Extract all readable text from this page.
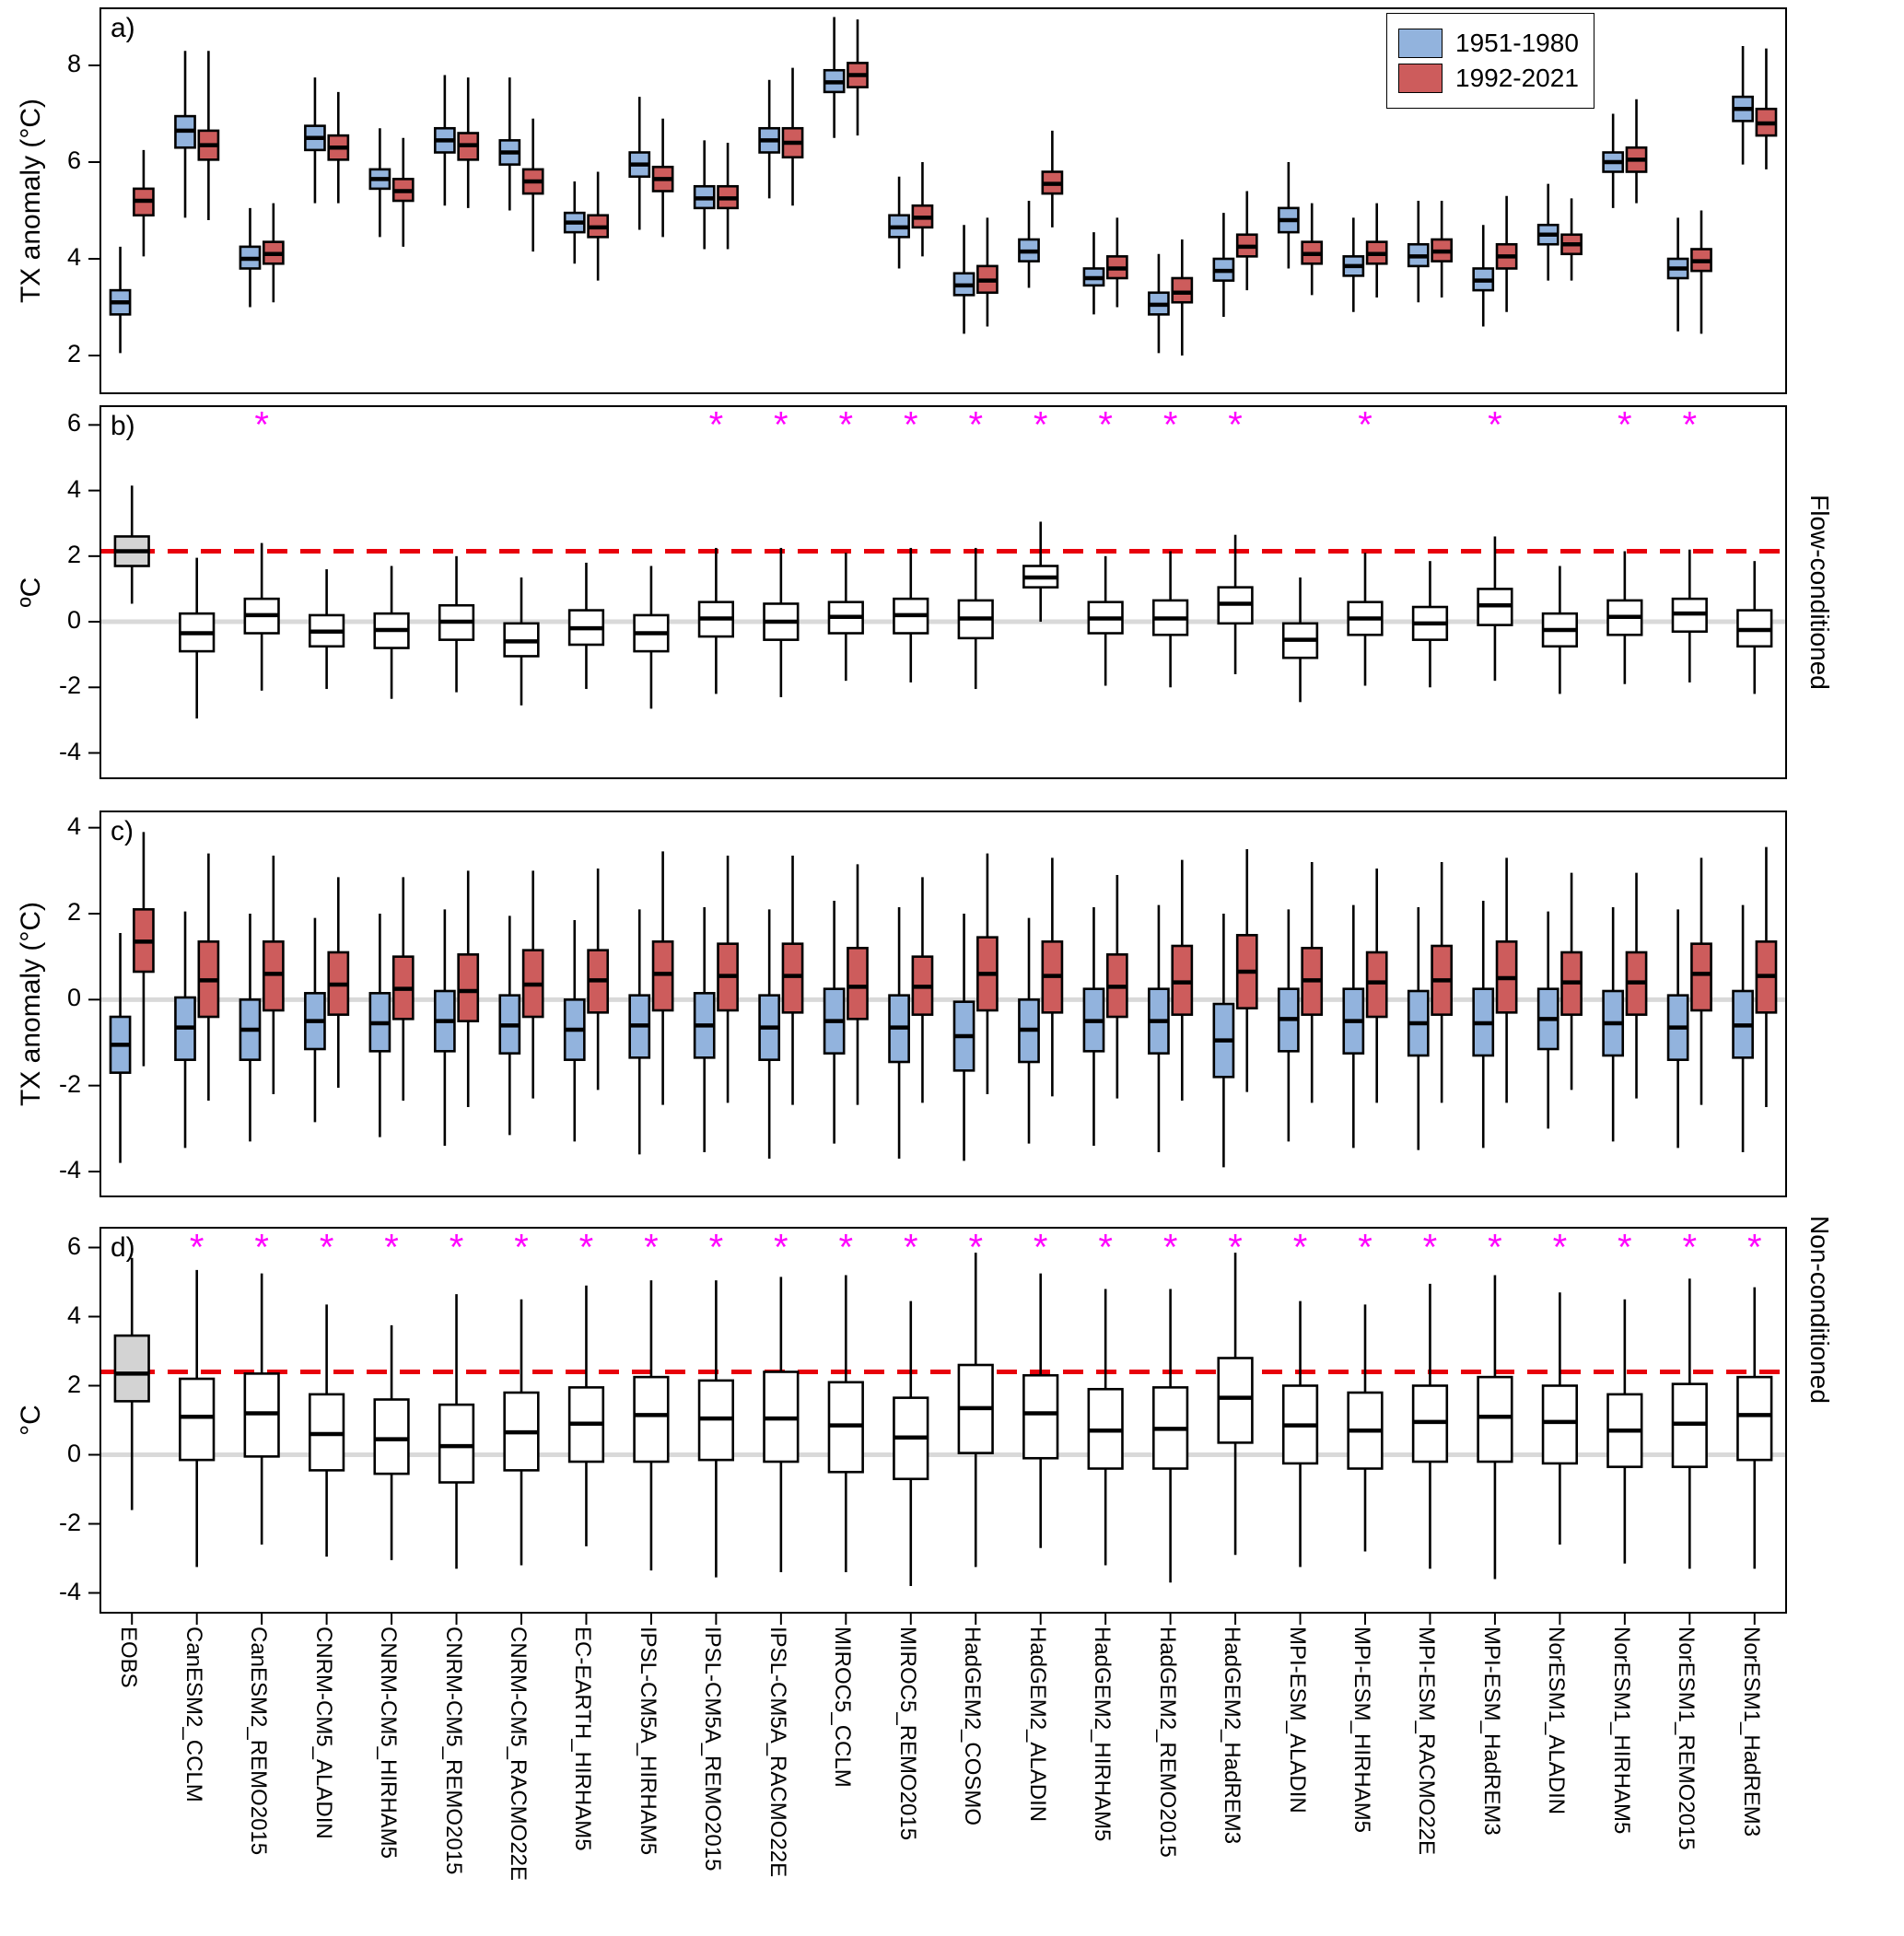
a)
TX anomaly (°C)
b)
ºC
c)
TX anomaly (°C)
d)
°C
Flow-conditioned
Non-conditioned
1951-1980
1992-2021
*	* * * * * * * * *	*	*	* *
* * * * * * * * * * * * * * * * * * * * * * * * *
2
4
6
8
-4
-2
0
2
4
6
-4
-2
0
2
4
-4
-2
0
2
4
6
EOBS CanESM2_CCLM CanESM2_REMO2015 CNRM-CM5_ALADIN CNRM-CM5_HIRHAM5 CNRM-CM5_REMO2015 CNRM-CM5_RACMO22E EC-EARTH_HIRHAM5 IPSL-CM5A_HIRHAM5 IPSL-CM5A_REMO2015 IPSL-CM5A_RACMO22E MIROC5_CCLM MIROC5_REMO2015 HadGEM2_COSMO HadGEM2_ALADIN HadGEM2_HIRHAM5 HadGEM2_REMO2015 HadGEM2_HadREM3 MPI-ESM_ALADIN MPI-ESM_HIRHAM5 MPI-ESM_RACMO22E MPI-ESM_HadREM3 NorESM1_ALADIN NorESM1_HIRHAM5 NorESM1_REMO2015 NorESM1_HadREM3
